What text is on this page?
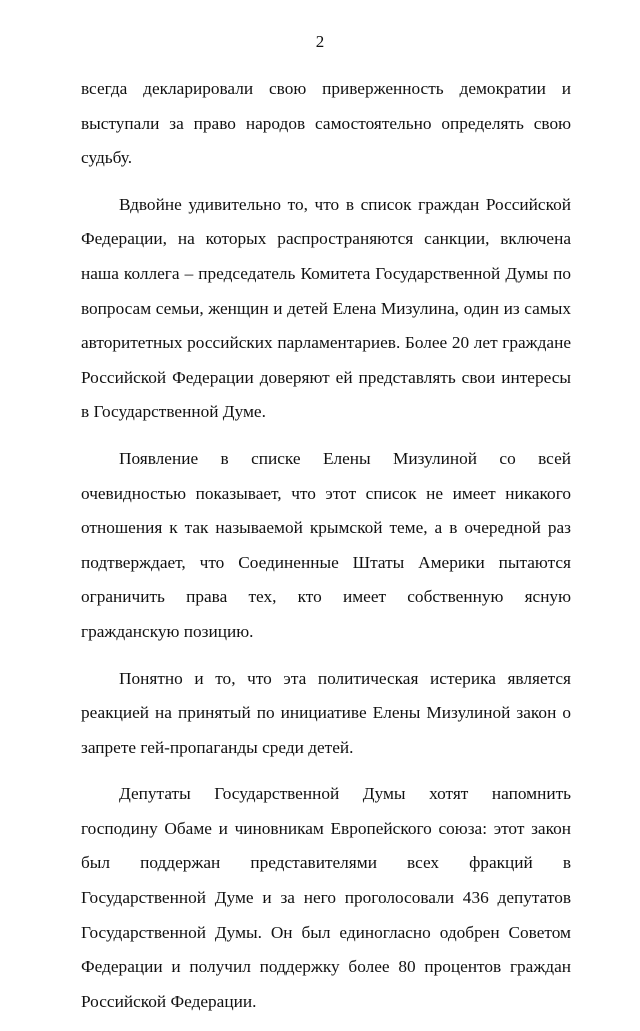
2

всегда декларировали свою приверженность демократии и выступали за право народов самостоятельно определять свою судьбу.

Вдвойне удивительно то, что в список граждан Российской Федерации, на которых распространяются санкции, включена наша коллега – председатель Комитета Государственной Думы по вопросам семьи, женщин и детей Елена Мизулина, один из самых авторитетных российских парламентариев. Более 20 лет граждане Российской Федерации доверяют ей представлять свои интересы в Государственной Думе.

Появление в списке Елены Мизулиной со всей очевидностью показывает, что этот список не имеет никакого отношения к так называемой крымской теме, а в очередной раз подтверждает, что Соединенные Штаты Америки пытаются ограничить права тех, кто имеет собственную ясную гражданскую позицию.

Понятно и то, что эта политическая истерика является реакцией на принятый по инициативе Елены Мизулиной закон о запрете гей-пропаганды среди детей.

Депутаты Государственной Думы хотят напомнить господину Обаме и чиновникам Европейского союза: этот закон был поддержан представителями всех фракций в Государственной Думе и за него проголосовали 436 депутатов Государственной Думы. Он был единогласно одобрен Советом Федерации и получил поддержку более 80 процентов граждан Российской Федерации.
